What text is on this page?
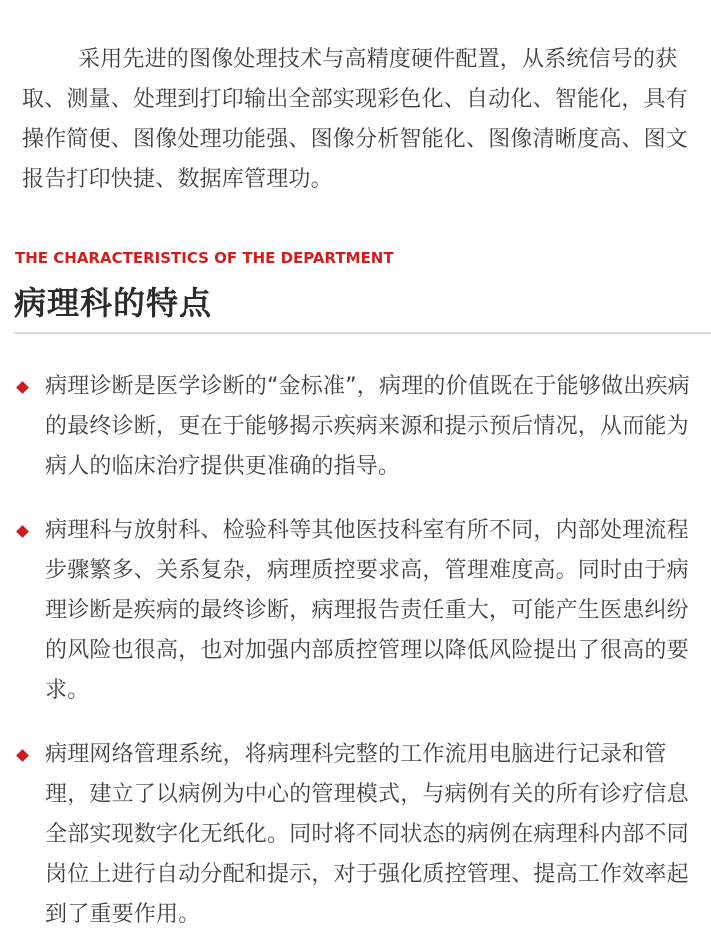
采用先进的图像处理技术与高精度硬件配置，从系统信号的获取、测量、处理到打印输出全部实现彩色化、自动化、智能化，具有操作简便、图像处理功能强、图像分析智能化、图像清晰度高、图文报告打印快捷、数据库管理功。

THE CHARACTERISTICS OF THE DEPARTMENT
病理科的特点

病理诊断是医学诊断的“金标准”，病理的价值既在于能够做出疾病的最终诊断，更在于能够揭示疾病来源和提示预后情况，从而能为病人的临床治疗提供更准确的指导。

病理科与放射科、检验科等其他医技科室有所不同，内部处理流程步骤繁多、关系复杂，病理质控要求高，管理难度高。同时由于病理诊断是疾病的最终诊断，病理报告责任重大，可能产生医患纠纷的风险也很高，也对加强内部质控管理以降低风险提出了很高的要求。

病理网络管理系统，将病理科完整的工作流用电脑进行记录和管理，建立了以病例为中心的管理模式，与病例有关的所有诊疗信息全部实现数字化无纸化。同时将不同状态的病例在病理科内部不同岗位上进行自动分配和提示，对于强化质控管理、提高工作效率起到了重要作用。
